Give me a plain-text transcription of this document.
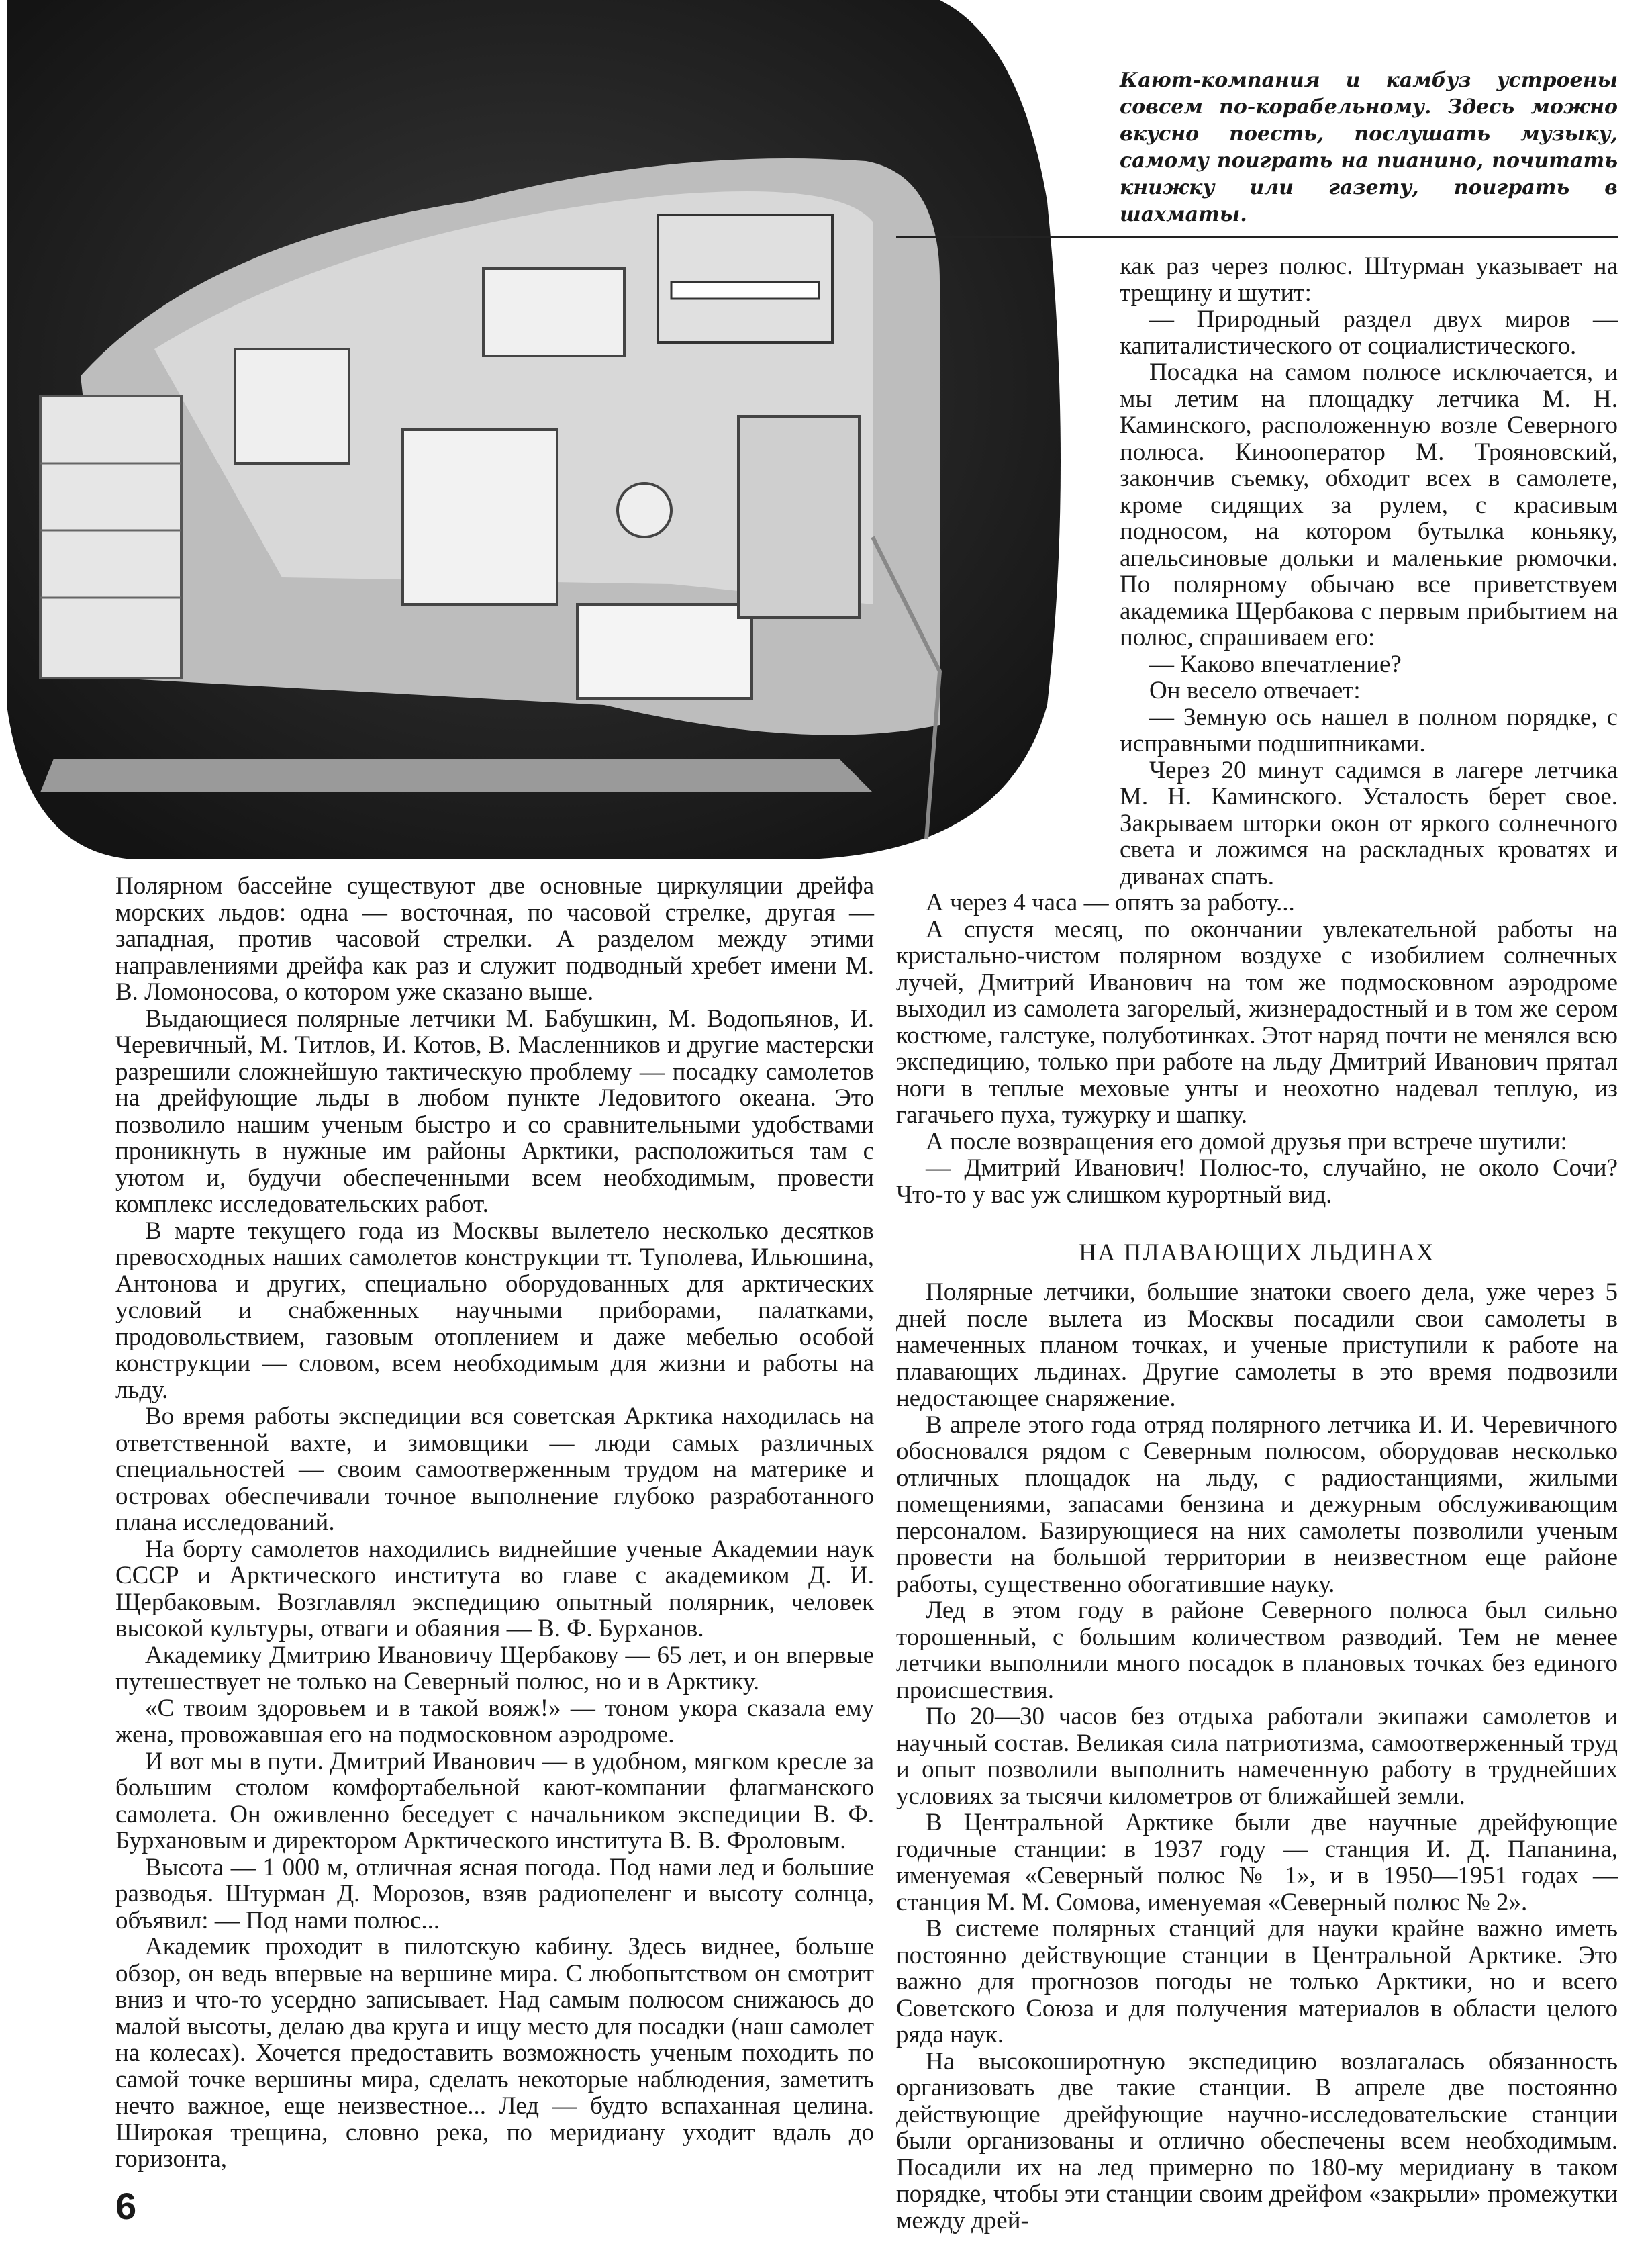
Кают-компания и камбуз устроены совсем по-корабельному. Здесь можно вкусно поесть, послушать музыку, самому поиграть на пианино, почитать книжку или газету, поиграть в шахматы.

как раз через полюс. Штурман указывает на трещину и шутит:

— Природный раздел двух миров — капиталистического от социалистического.

Посадка на самом полюсе исключается, и мы летим на площадку летчика М. Н. Каминского, расположенную возле Северного полюса. Кинооператор М. Трояновский, закончив съемку, обходит всех в самолете, кроме сидящих за рулем, с красивым подносом, на котором бутылка коньяку, апельсиновые дольки и маленькие рюмочки. По полярному обычаю все приветствуем академика Щербакова с первым прибытием на полюс, спрашиваем его:

— Каково впечатление?

Он весело отвечает:

— Земную ось нашел в полном порядке, с исправными подшипниками.

Через 20 минут садимся в лагере летчика М. Н. Каминского. Усталость берет свое. Закрываем шторки окон от яркого солнечного света и ложимся на раскладных кроватях и диванах спать.

А через 4 часа — опять за работу...

А спустя месяц, по окончании увлекательной работы на кристально-чистом полярном воздухе с изобилием солнечных лучей, Дмитрий Иванович на том же подмосковном аэродроме выходил из самолета загорелый, жизнерадостный и в том же сером костюме, галстуке, полуботинках. Этот наряд почти не менялся всю экспедицию, только при работе на льду Дмитрий Иванович прятал ноги в теплые меховые унты и неохотно надевал теплую, из гагачьего пуха, тужурку и шапку.

А после возвращения его домой друзья при встрече шутили:

— Дмитрий Иванович! Полюс-то, случайно, не около Сочи? Что-то у вас уж слишком курортный вид.

НА ПЛАВАЮЩИХ ЛЬДИНАХ

Полярные летчики, большие знатоки своего дела, уже через 5 дней после вылета из Москвы посадили свои самолеты в намеченных планом точках, и ученые приступили к работе на плавающих льдинах. Другие самолеты в это время подвозили недостающее снаряжение.

В апреле этого года отряд полярного летчика И. И. Черевичного обосновался рядом с Северным полюсом, оборудовав несколько отличных площадок на льду, с радиостанциями, жилыми помещениями, запасами бензина и дежурным обслуживающим персоналом. Базирующиеся на них самолеты позволили ученым провести на большой территории в неизвестном еще районе работы, существенно обогатившие науку.

Лед в этом году в районе Северного полюса был сильно торошенный, с большим количеством разводий. Тем не менее летчики выполнили много посадок в плановых точках без единого происшествия.

По 20—30 часов без отдыха работали экипажи самолетов и научный состав. Великая сила патриотизма, самоотверженный труд и опыт позволили выполнить намеченную работу в труднейших условиях за тысячи километров от ближайшей земли.

В Центральной Арктике были две научные дрейфующие годичные станции: в 1937 году — станция И. Д. Папанина, именуемая «Северный полюс № 1», и в 1950—1951 годах — станция М. М. Сомова, именуемая «Северный полюс № 2».

В системе полярных станций для науки крайне важно иметь постоянно действующие станции в Центральной Арктике. Это важно для прогнозов погоды не только Арктики, но и всего Советского Союза и для получения материалов в области целого ряда наук.

На высокоширотную экспедицию возлагалась обязанность организовать две такие станции. В апреле две постоянно действующие дрейфующие научно-исследовательские станции были организованы и отлично обеспечены всем необходимым. Посадили их на лед примерно по 180-му меридиану в таком порядке, чтобы эти станции своим дрейфом «закрыли» промежутки между дрей-

Полярном бассейне существуют две основные циркуляции дрейфа морских льдов: одна — восточная, по часовой стрелке, другая — западная, против часовой стрелки. А разделом между этими направлениями дрейфа как раз и служит подводный хребет имени М. В. Ломоносова, о котором уже сказано выше.

Выдающиеся полярные летчики М. Бабушкин, М. Водопьянов, И. Черевичный, М. Титлов, И. Котов, В. Масленников и другие мастерски разрешили сложнейшую тактическую проблему — посадку самолетов на дрейфующие льды в любом пункте Ледовитого океана. Это позволило нашим ученым быстро и со сравнительными удобствами проникнуть в нужные им районы Арктики, расположиться там с уютом и, будучи обеспеченными всем необходимым, провести комплекс исследовательских работ.

В марте текущего года из Москвы вылетело несколько десятков превосходных наших самолетов конструкции тт. Туполева, Ильюшина, Антонова и других, специально оборудованных для арктических условий и снабженных научными приборами, палатками, продовольствием, газовым отоплением и даже мебелью особой конструкции — словом, всем необходимым для жизни и работы на льду.

Во время работы экспедиции вся советская Арктика находилась на ответственной вахте, и зимовщики — люди самых различных специальностей — своим самоотверженным трудом на материке и островах обеспечивали точное выполнение глубоко разработанного плана исследований.

На борту самолетов находились виднейшие ученые Академии наук СССР и Арктического института во главе с академиком Д. И. Щербаковым. Возглавлял экспедицию опытный полярник, человек высокой культуры, отваги и обаяния — В. Ф. Бурханов.

Академику Дмитрию Ивановичу Щербакову — 65 лет, и он впервые путешествует не только на Северный полюс, но и в Арктику.

«С твоим здоровьем и в такой вояж!» — тоном укора сказала ему жена, провожавшая его на подмосковном аэродроме.

И вот мы в пути. Дмитрий Иванович — в удобном, мягком кресле за большим столом комфортабельной кают-компании флагманского самолета. Он оживленно беседует с начальником экспедиции В. Ф. Бурхановым и директором Арктического института В. В. Фроловым.

Высота — 1 000 м, отличная ясная погода. Под нами лед и большие разводья. Штурман Д. Морозов, взяв радиопеленг и высоту солнца, объявил: — Под нами полюс...

Академик проходит в пилотскую кабину. Здесь виднее, больше обзор, он ведь впервые на вершине мира. С любопытством он смотрит вниз и что-то усердно записывает. Над самым полюсом снижаюсь до малой высоты, делаю два круга и ищу место для посадки (наш самолет на колесах). Хочется предоставить возможность ученым походить по самой точке вершины мира, сделать некоторые наблюдения, заметить нечто важное, еще неизвестное... Лед — будто вспаханная целина. Широкая трещина, словно река, по меридиану уходит вдаль до горизонта,

6
